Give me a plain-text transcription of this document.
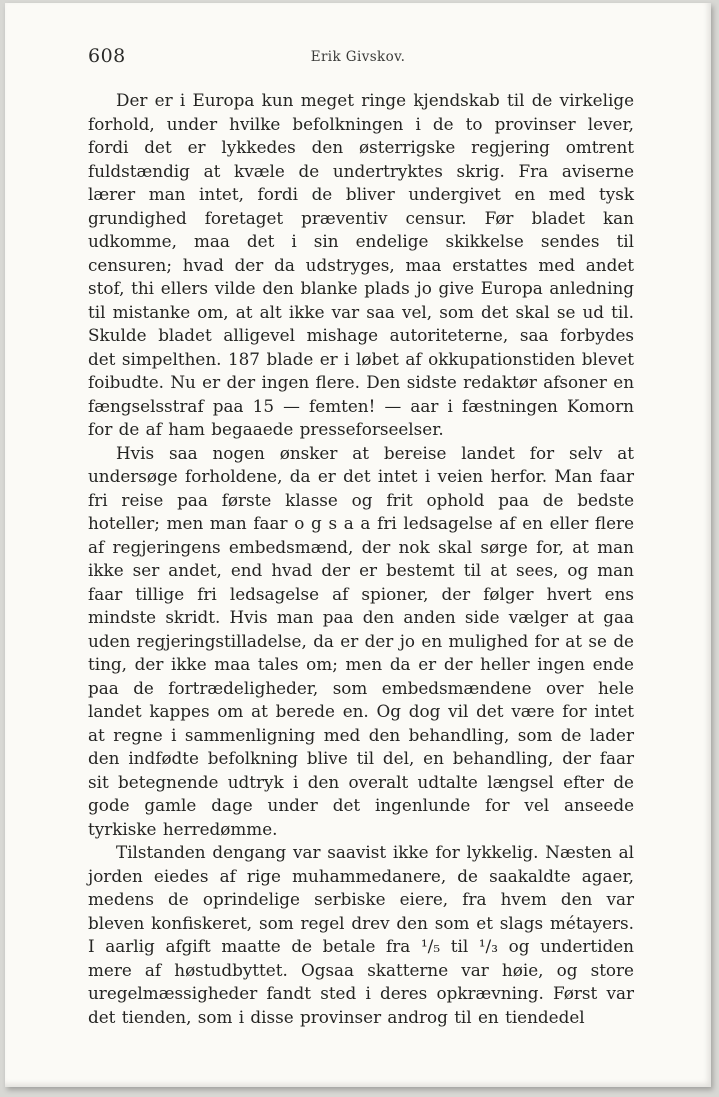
608	Erik Givskov.

Der er i Europa kun meget ringe kjendskab til de virkelige forhold, under hvilke befolkningen i de to provinser lever, fordi det er lykkedes den østerrigske regjering omtrent fuldstændig at kvæle de undertryktes skrig. Fra aviserne lærer man intet, fordi de bliver undergivet en med tysk grundighed foretaget præventiv censur. Før bladet kan udkomme, maa det i sin endelige skikkelse sendes til censuren; hvad der da udstryges, maa erstattes med andet stof, thi ellers vilde den blanke plads jo give Europa anledning til mistanke om, at alt ikke var saa vel, som det skal se ud til. Skulde bladet alligevel mishage autoriteterne, saa forbydes det simpelthen. 187 blade er i løbet af okkupationstiden blevet foibudte. Nu er der ingen flere. Den sidste redaktør afsoner en fængselsstraf paa 15 — femten! — aar i fæstningen Komorn for de af ham begaaede presseforseelser.

Hvis saa nogen ønsker at bereise landet for selv at undersøge forholdene, da er det intet i veien herfor. Man faar fri reise paa første klasse og frit ophold paa de bedste hoteller; men man faar o g s a a fri ledsagelse af en eller flere af regjeringens embedsmænd, der nok skal sørge for, at man ikke ser andet, end hvad der er bestemt til at sees, og man faar tillige fri ledsagelse af spioner, der følger hvert ens mindste skridt. Hvis man paa den anden side vælger at gaa uden regjeringstilladelse, da er der jo en mulighed for at se de ting, der ikke maa tales om; men da er der heller ingen ende paa de fortrædeligheder, som embedsmændene over hele landet kappes om at berede en. Og dog vil det være for intet at regne i sammenligning med den behandling, som de lader den indfødte befolkning blive til del, en behandling, der faar sit betegnende udtryk i den overalt udtalte længsel efter de gode gamle dage under det ingenlunde for vel anseede tyrkiske herredømme.

Tilstanden dengang var saavist ikke for lykkelig. Næsten al jorden eiedes af rige muhammedanere, de saakaldte agaer, medens de oprindelige serbiske eiere, fra hvem den var bleven konfiskeret, som regel drev den som et slags métayers. I aarlig afgift maatte de betale fra ¹/₅ til ¹/₃ og undertiden mere af høstudbyttet. Ogsaa skatterne var høie, og store uregelmæssigheder fandt sted i deres opkrævning. Først var det tienden, som i disse provinser androg til en tiendedel
